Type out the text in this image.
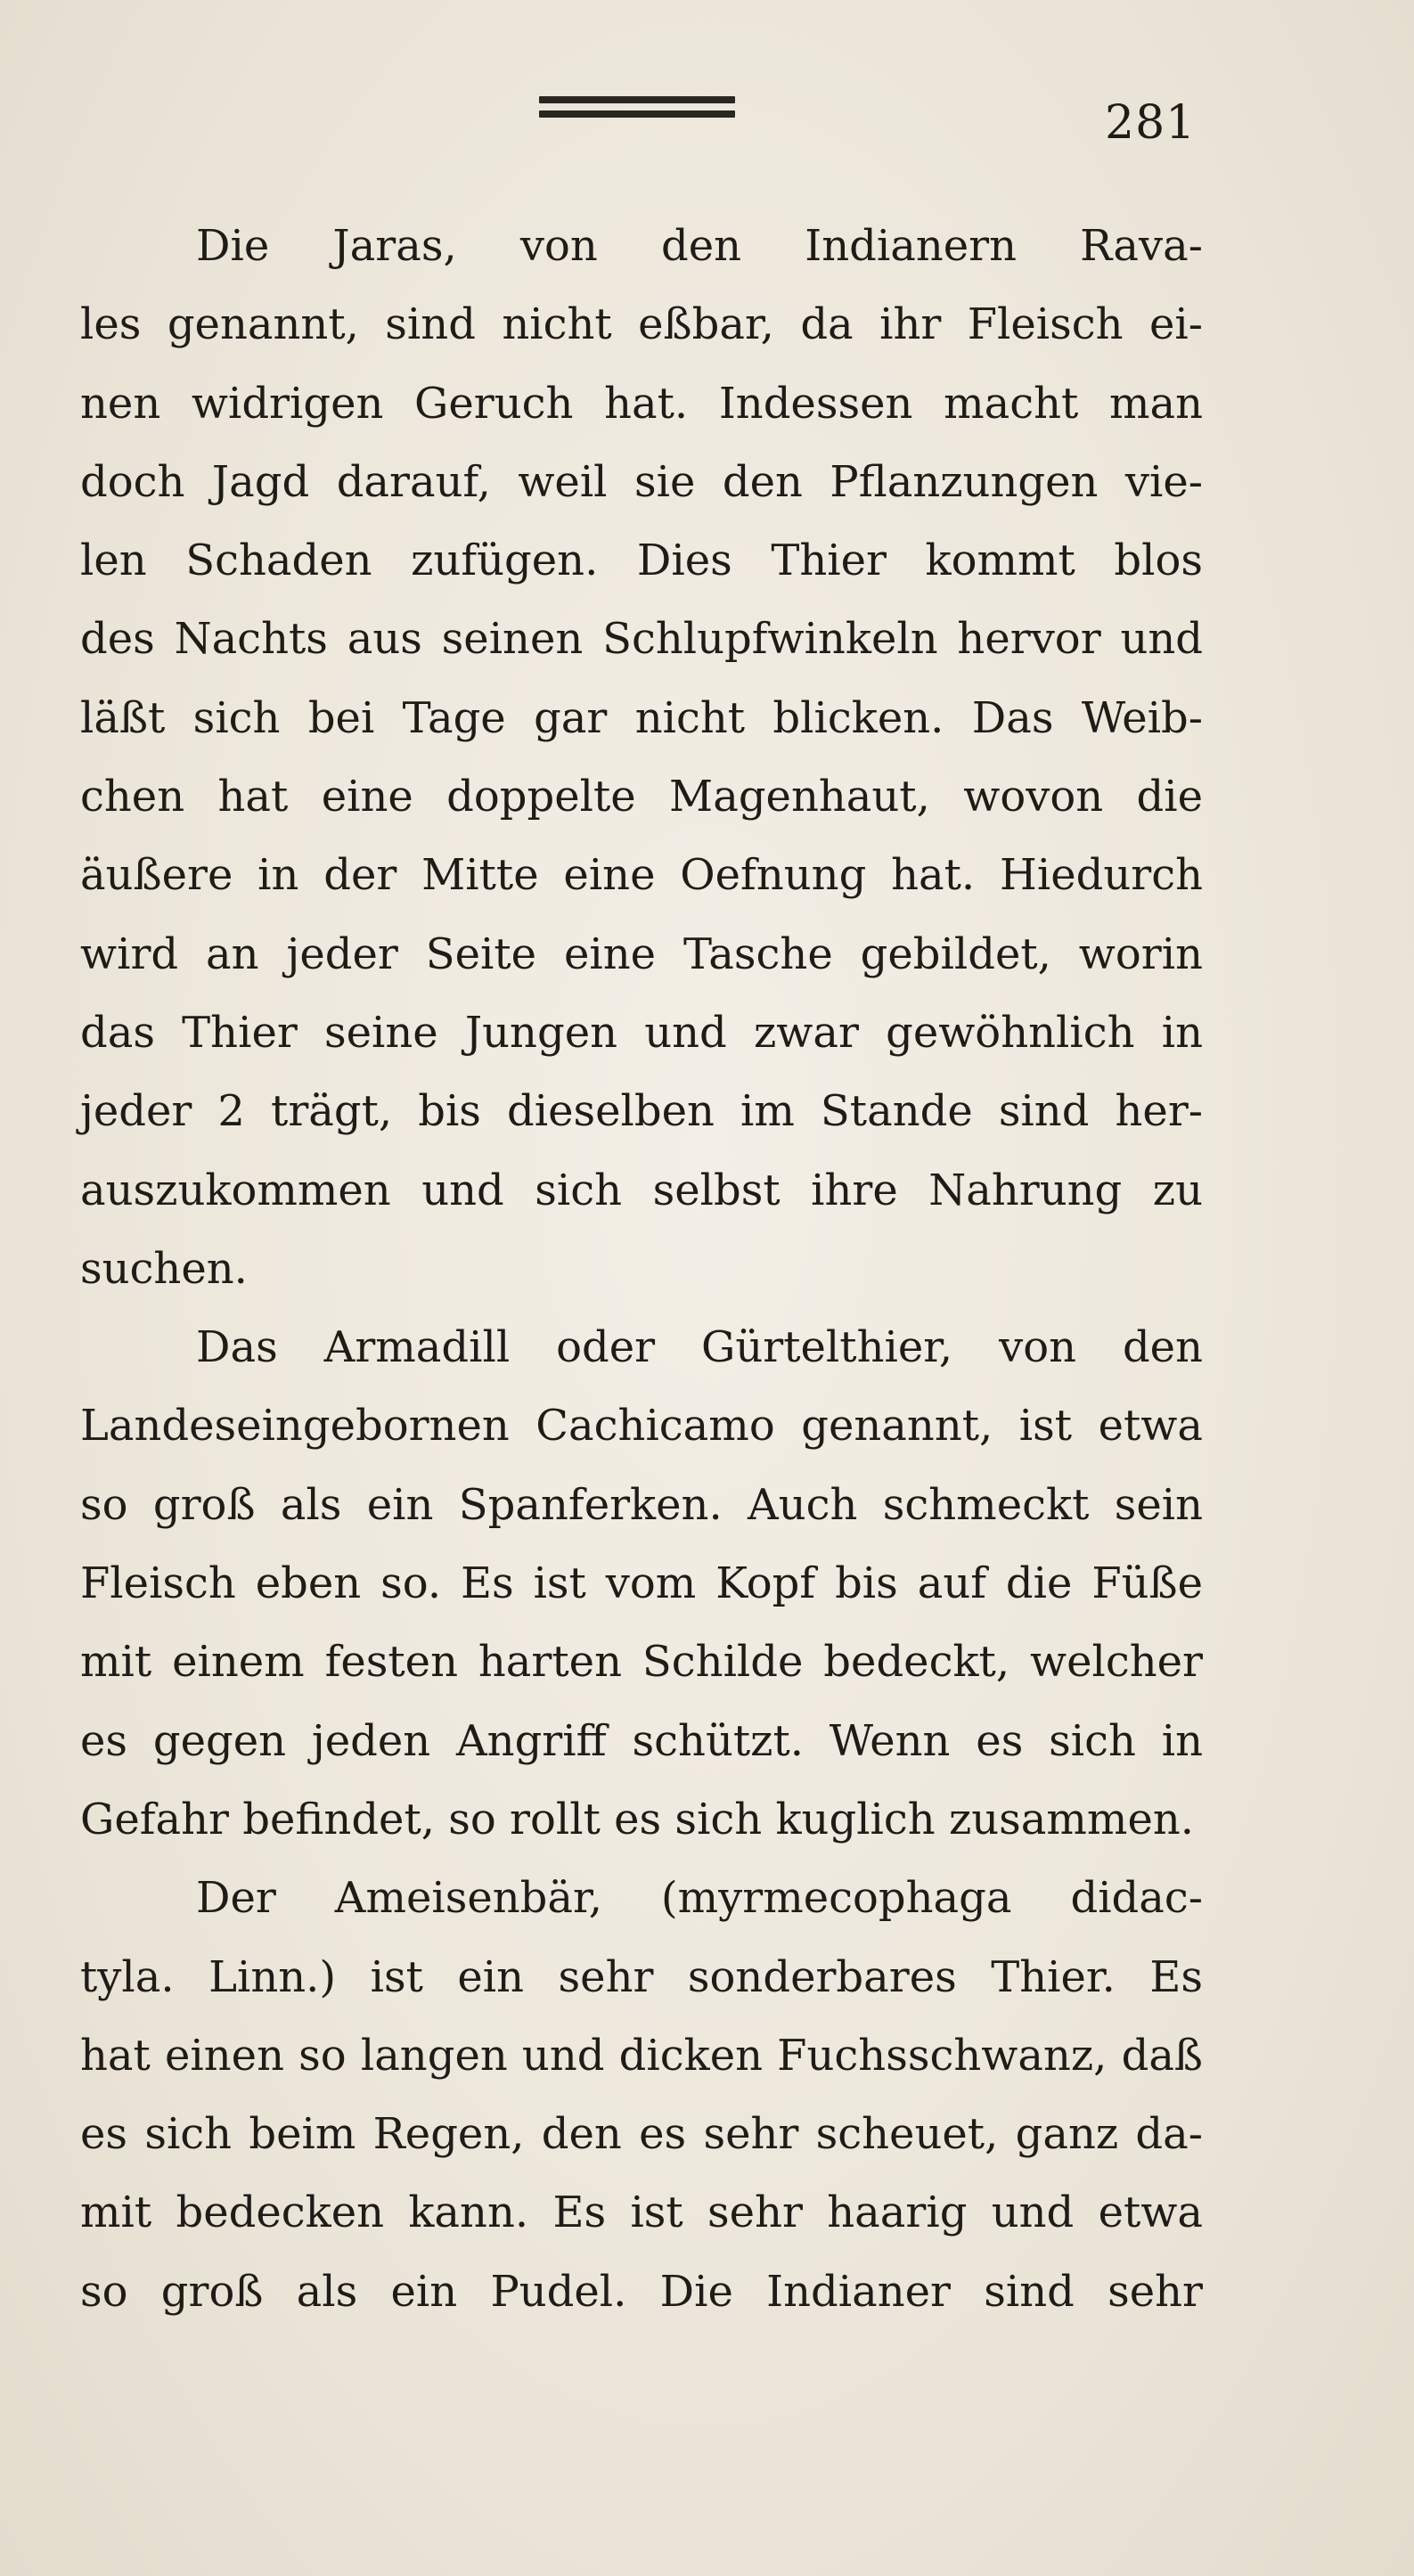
281
Die Jaras, von den Indianern Rava-
les genannt, sind nicht eßbar, da ihr Fleisch ei-
nen widrigen Geruch hat. Indessen macht man
doch Jagd darauf, weil sie den Pflanzungen vie-
len Schaden zufügen. Dies Thier kommt blos
des Nachts aus seinen Schlupfwinkeln hervor und
läßt sich bei Tage gar nicht blicken. Das Weib-
chen hat eine doppelte Magenhaut, wovon die
äußere in der Mitte eine Oefnung hat. Hiedurch
wird an jeder Seite eine Tasche gebildet, worin
das Thier seine Jungen und zwar gewöhnlich in
jeder 2 trägt, bis dieselben im Stande sind her-
auszukommen und sich selbst ihre Nahrung zu
suchen.
Das Armadill oder Gürtelthier, von den
Landeseingebornen Cachicamo genannt, ist etwa
so groß als ein Spanferken. Auch schmeckt sein
Fleisch eben so. Es ist vom Kopf bis auf die Füße
mit einem festen harten Schilde bedeckt, welcher
es gegen jeden Angriff schützt. Wenn es sich in
Gefahr befindet, so rollt es sich kuglich zusammen.
Der Ameisenbär, (myrmecophaga didac-
tyla. Linn.) ist ein sehr sonderbares Thier. Es
hat einen so langen und dicken Fuchsschwanz, daß
es sich beim Regen, den es sehr scheuet, ganz da-
mit bedecken kann. Es ist sehr haarig und etwa
so groß als ein Pudel. Die Indianer sind sehr
